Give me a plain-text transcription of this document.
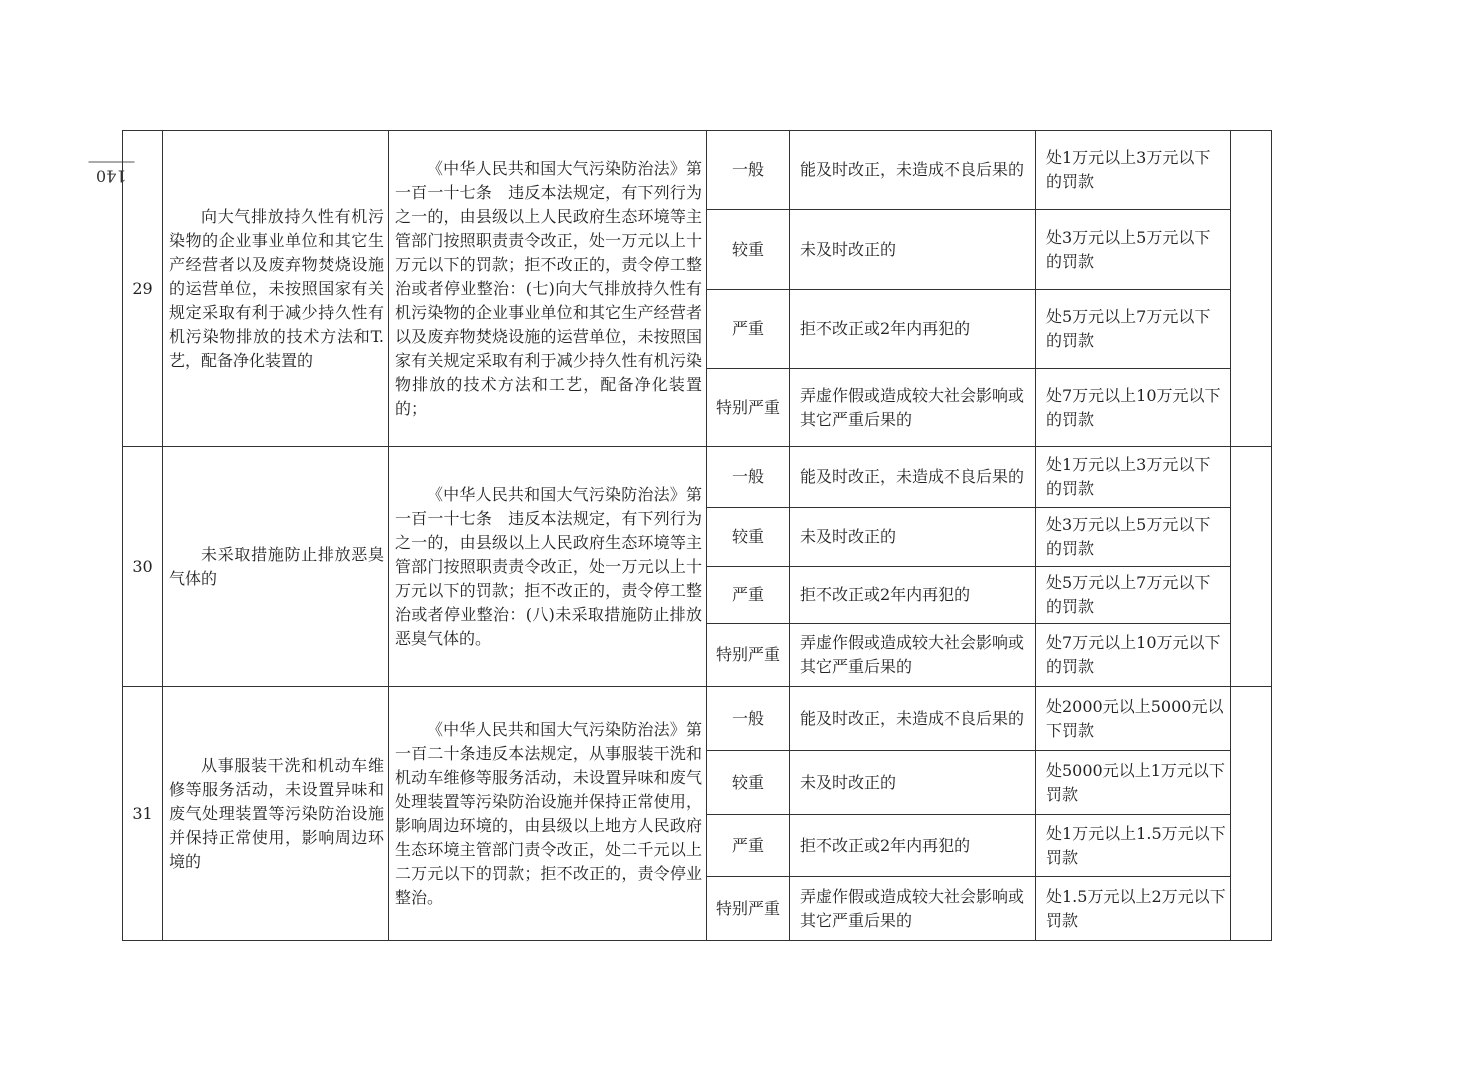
140
29	向大气排放持久性有机污染物的企业事业单位和其它生产经营者以及废弃物焚烧设施的运营单位，未按照国家有关规定采取有利于减少持久性有机污染物排放的技术方法和T.艺，配备净化装置的	《中华人民共和国大气污染防治法》第一百一十七条　违反本法规定，有下列行为之一的，由县级以上人民政府生态环境等主管部门按照职责责令改正，处一万元以上十万元以下的罚款；拒不改正的，责令停工整治或者停业整治：(七)向大气排放持久性有机污染物的企业事业单位和其它生产经营者以及废弃物焚烧设施的运营单位，未按照国家有关规定采取有利于减少持久性有机污染物排放的技术方法和工艺，配备净化装置的；	一般	能及时改正，未造成不良后果的	处1万元以上3万元以下的罚款	
			较重	未及时改正的	处3万元以上5万元以下的罚款	
			严重	拒不改正或2年内再犯的	处5万元以上7万元以下的罚款	
			特别严重	弄虚作假或造成较大社会影响或其它严重后果的	处7万元以上10万元以下的罚款	
30	未采取措施防止排放恶臭气体的	《中华人民共和国大气污染防治法》第一百一十七条　违反本法规定，有下列行为之一的，由县级以上人民政府生态环境等主管部门按照职责责令改正，处一万元以上十万元以下的罚款；拒不改正的，责令停工整治或者停业整治：(八)未采取措施防止排放恶臭气体的。	一般	能及时改正，未造成不良后果的	处1万元以上3万元以下的罚款	
			较重	未及时改正的	处3万元以上5万元以下的罚款	
			严重	拒不改正或2年内再犯的	处5万元以上7万元以下的罚款	
			特别严重	弄虚作假或造成较大社会影响或其它严重后果的	处7万元以上10万元以下的罚款	
31	从事服装干洗和机动车维修等服务活动，未设置异味和废气处理装置等污染防治设施并保持正常使用，影响周边环境的	《中华人民共和国大气污染防治法》第一百二十条违反本法规定，从事服装干洗和机动车维修等服务活动，未设置异味和废气处理装置等污染防治设施并保持正常使用，影响周边环境的，由县级以上地方人民政府生态环境主管部门责令改正，处二千元以上二万元以下的罚款；拒不改正的，责令停业整治。	一般	能及时改正，未造成不良后果的	处2000元以上5000元以下罚款	
			较重	未及时改正的	处5000元以上1万元以下罚款	
			严重	拒不改正或2年内再犯的	处1万元以上1.5万元以下罚款	
			特别严重	弄虚作假或造成较大社会影响或其它严重后果的	处1.5万元以上2万元以下罚款	
